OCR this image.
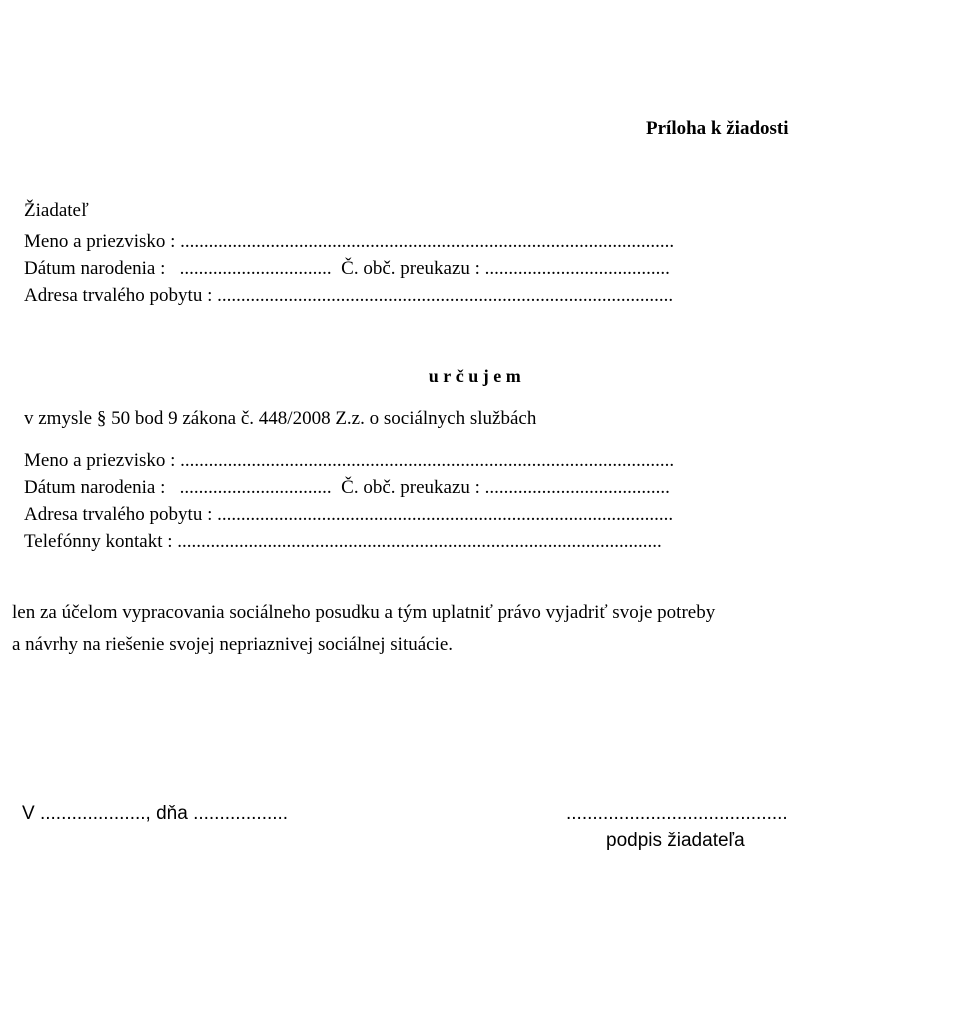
Príloha k žiadosti
Žiadateľ
Meno a priezvisko : ........................................................................................................
Dátum narodenia :   ................................  Č. obč. preukazu : .......................................
Adresa trvalého pobytu : ................................................................................................
určujem
v zmysle § 50 bod 9 zákona č. 448/2008 Z.z. o sociálnych službách
Meno a priezvisko : ........................................................................................................
Dátum narodenia :   ................................  Č. obč. preukazu : .......................................
Adresa trvalého pobytu : ................................................................................................
Telefónny kontakt : ......................................................................................................
len za účelom vypracovania sociálneho posudku a tým uplatniť právo vyjadriť svoje potreby
a návrhy na riešenie svojej nepriaznivej sociálnej situácie.
V ...................., dňa ..................	..........................................
podpis žiadateľa
